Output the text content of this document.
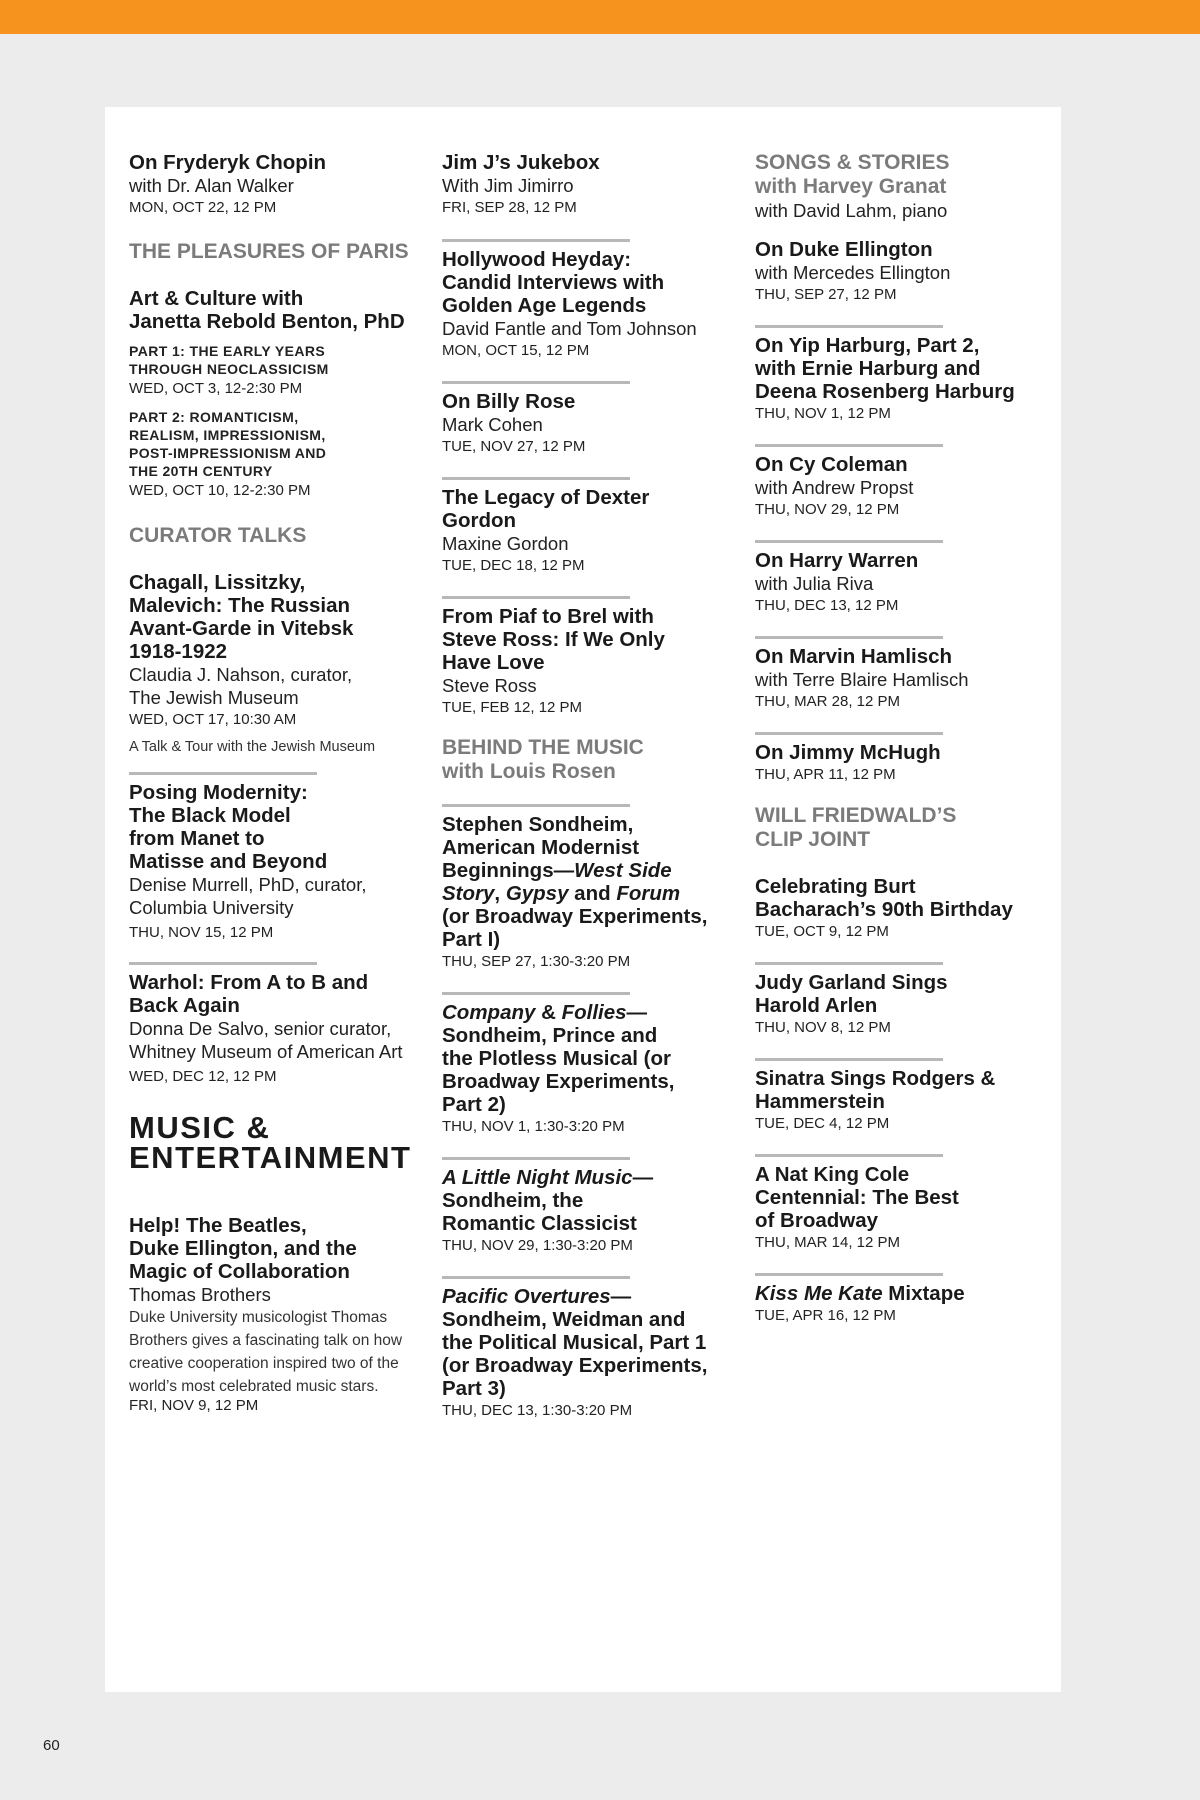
On Fryderyk Chopin
with Dr. Alan Walker
MON, OCT 22, 12 PM
THE PLEASURES OF PARIS
Art & Culture with
Janetta Rebold Benton, PhD
PART 1: THE EARLY YEARS
THROUGH NEOCLASSICISM
WED, OCT 3, 12-2:30 PM
PART 2: ROMANTICISM,
REALISM, IMPRESSIONISM,
POST-IMPRESSIONISM AND
THE 20TH CENTURY
WED, OCT 10, 12-2:30 PM
CURATOR TALKS
Chagall, Lissitzky,
Malevich: The Russian
Avant-Garde in Vitebsk
1918-1922
Claudia J. Nahson, curator,
The Jewish Museum
WED, OCT 17, 10:30 AM
A Talk & Tour with the Jewish Museum
Posing Modernity:
The Black Model
from Manet to
Matisse and Beyond
Denise Murrell, PhD, curator,
Columbia University
THU, NOV 15, 12 PM
Warhol: From A to B and
Back Again
Donna De Salvo, senior curator,
Whitney Museum of American Art
WED, DEC 12, 12 PM
MUSIC &
ENTERTAINMENT
Help! The Beatles,
Duke Ellington, and the
Magic of Collaboration
Thomas Brothers
Duke University musicologist Thomas
Brothers gives a fascinating talk on how
creative cooperation inspired two of the
world’s most celebrated music stars.
FRI, NOV 9, 12 PM
Jim J’s Jukebox
With Jim Jimirro
FRI, SEP 28, 12 PM
Hollywood Heyday:
Candid Interviews with
Golden Age Legends
David Fantle and Tom Johnson
MON, OCT 15, 12 PM
On Billy Rose
Mark Cohen
TUE, NOV 27, 12 PM
The Legacy of Dexter
Gordon
Maxine Gordon
TUE, DEC 18, 12 PM
From Piaf to Brel with
Steve Ross: If We Only
Have Love
Steve Ross
TUE, FEB 12, 12 PM
BEHIND THE MUSIC
with Louis Rosen
Stephen Sondheim,
American Modernist
Beginnings—West Side
Story, Gypsy and Forum
(or Broadway Experiments,
Part I)
THU, SEP 27, 1:30-3:20 PM
Company & Follies—
Sondheim, Prince and
the Plotless Musical (or
Broadway Experiments,
Part 2)
THU, NOV 1, 1:30-3:20 PM
A Little Night Music—
Sondheim, the
Romantic Classicist
THU, NOV 29, 1:30-3:20 PM
Pacific Overtures—
Sondheim, Weidman and
the Political Musical, Part 1
(or Broadway Experiments,
Part 3)
THU, DEC 13, 1:30-3:20 PM
SONGS & STORIES
with Harvey Granat
with David Lahm, piano
On Duke Ellington
with Mercedes Ellington
THU, SEP 27, 12 PM
On Yip Harburg, Part 2,
with Ernie Harburg and
Deena Rosenberg Harburg
THU, NOV 1, 12 PM
On Cy Coleman
with Andrew Propst
THU, NOV 29, 12 PM
On Harry Warren
with Julia Riva
THU, DEC 13, 12 PM
On Marvin Hamlisch
with Terre Blaire Hamlisch
THU, MAR 28, 12 PM
On Jimmy McHugh
THU, APR 11, 12 PM
WILL FRIEDWALD’S
CLIP JOINT
Celebrating Burt
Bacharach’s 90th Birthday
TUE, OCT 9, 12 PM
Judy Garland Sings
Harold Arlen
THU, NOV 8, 12 PM
Sinatra Sings Rodgers &
Hammerstein
TUE, DEC 4, 12 PM
A Nat King Cole
Centennial: The Best
of Broadway
THU, MAR 14, 12 PM
Kiss Me Kate Mixtape
TUE, APR 16, 12 PM
60
